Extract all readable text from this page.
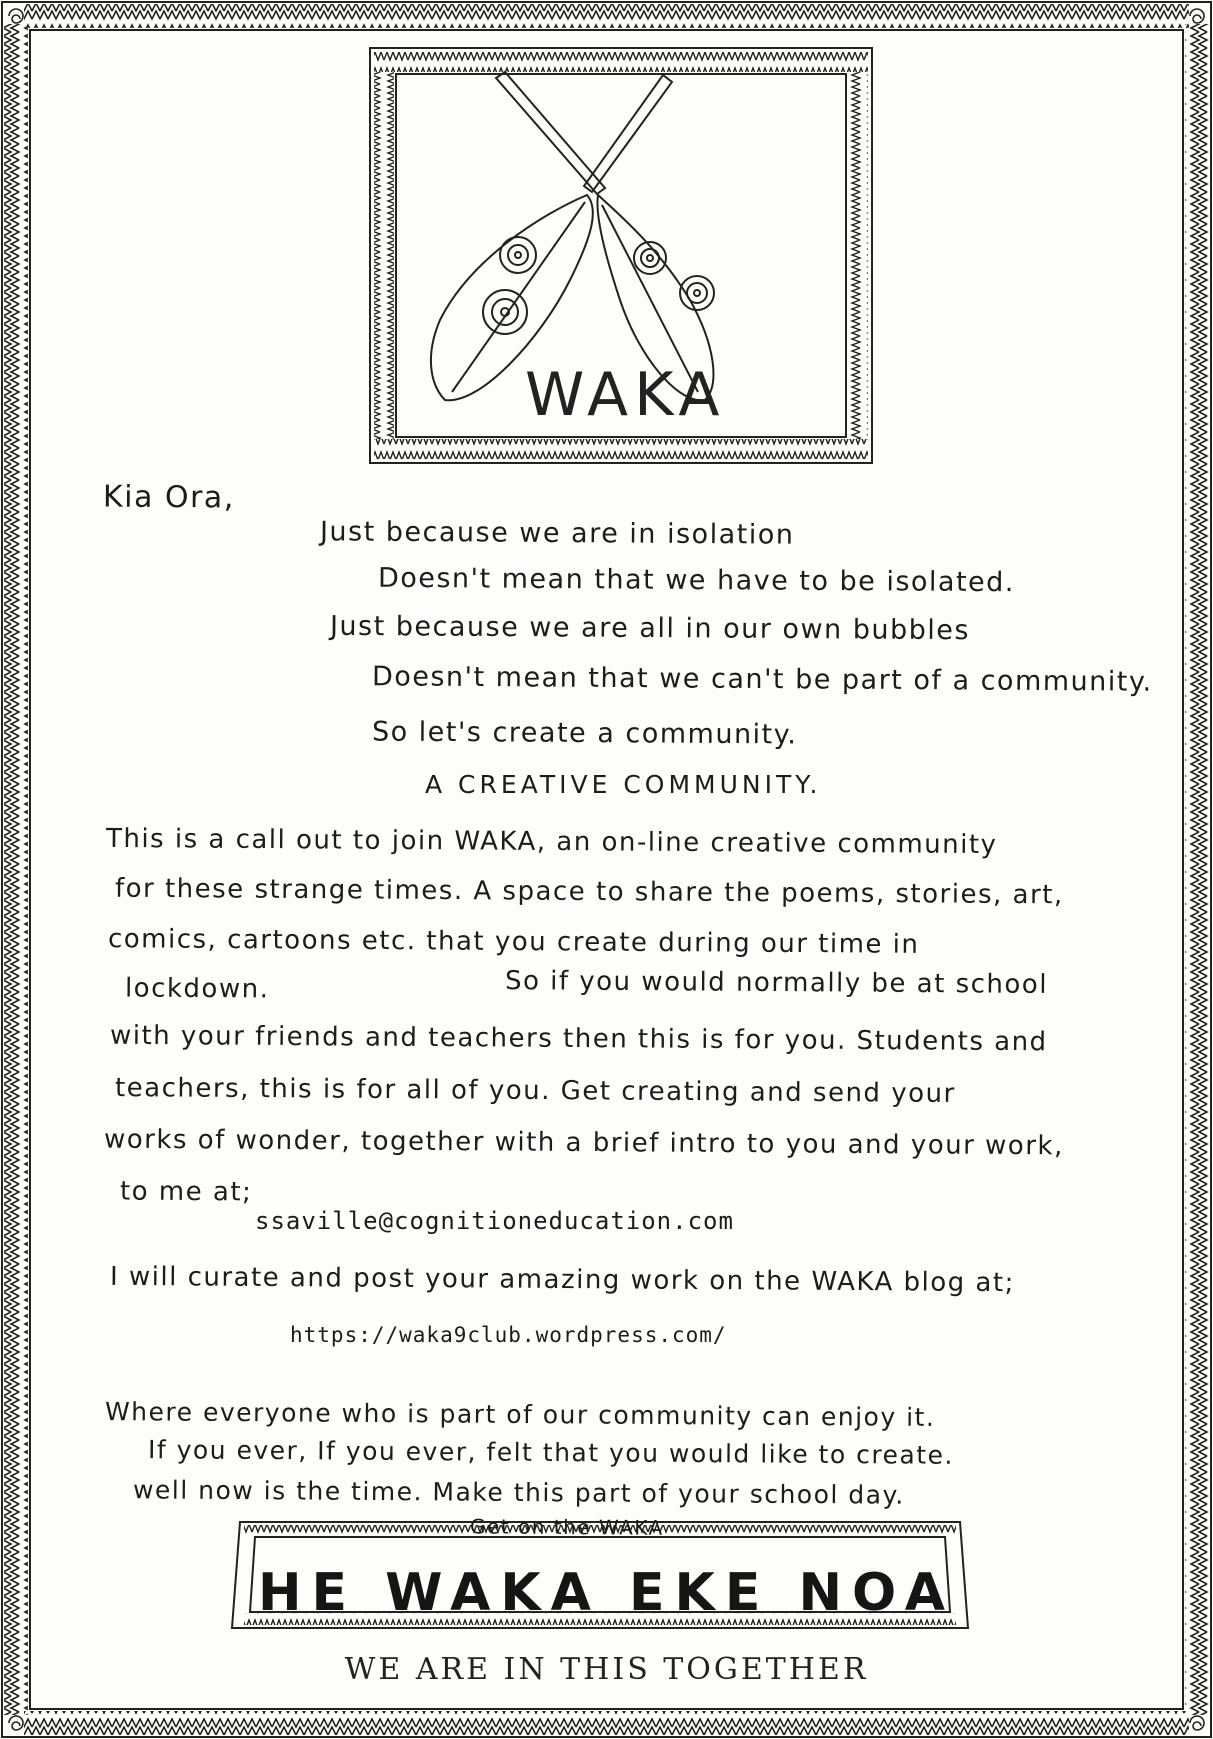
WAKA
Kia Ora,
Just because we are in isolation
Doesn't mean that we have to be isolated.
Just because we are all in our own bubbles
Doesn't mean that we can't be part of a community.
So let's create a community.
A CREATIVE COMMUNITY.
This is a call out to join WAKA, an on-line creative community
for these strange times. A space to share the poems, stories, art,
comics, cartoons etc. that you create during our time in
lockdown.	So if you would normally be at school
with your friends and teachers then this is for you. Students and
teachers, this is for all of you. Get creating and send your
works of wonder, together with a brief intro to you and your work,
to me at;
ssaville@cognitioneducation.com
I will curate and post your amazing work on the WAKA blog at;
https://waka9club.wordpress.com/
Where everyone who is part of our community can enjoy it.
If you ever, If you ever, felt that you would like to create.
well now is the time. Make this part of your school day.
Get on the WAKA
HE WAKA EKE NOA
WE ARE IN THIS TOGETHER
